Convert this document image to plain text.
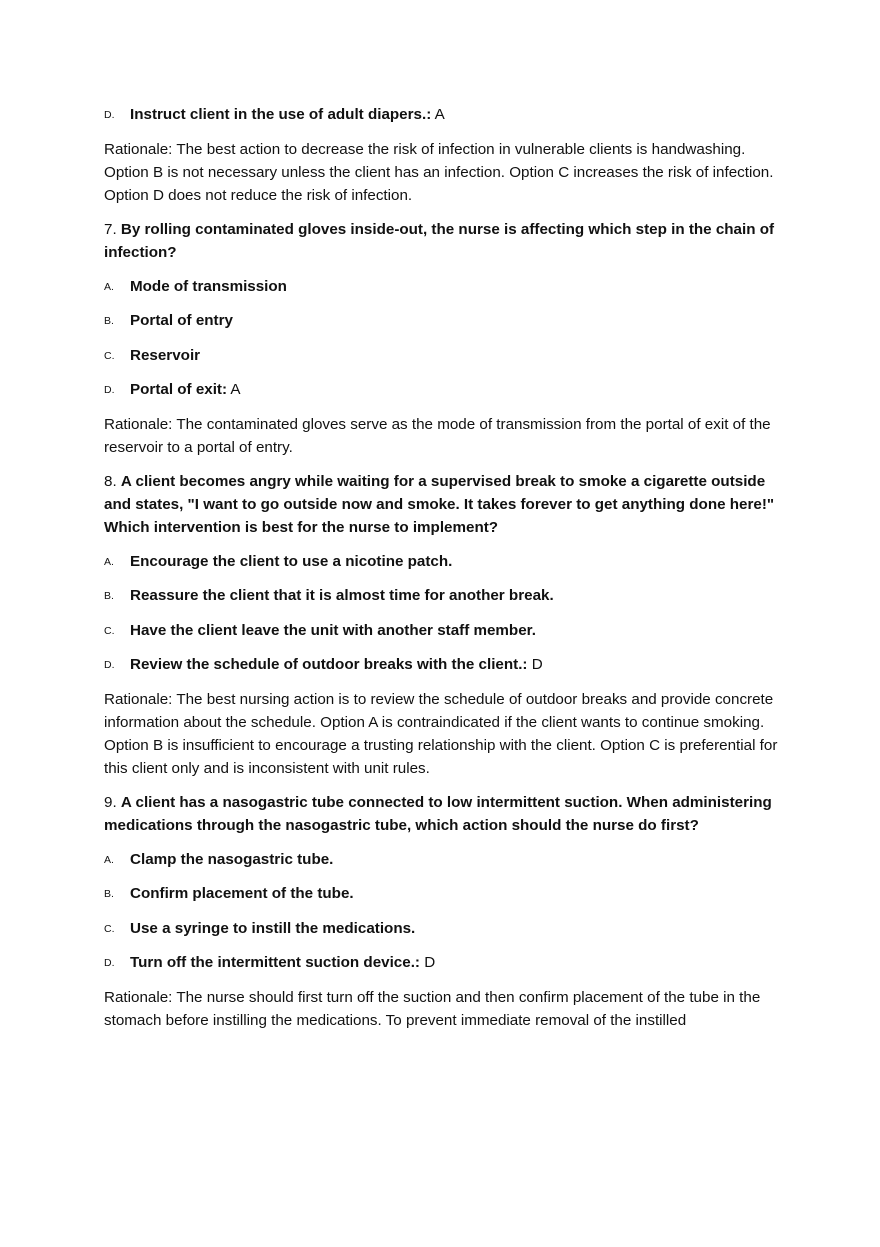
D.	Instruct client in the use of adult diapers.: A
Rationale: The best action to decrease the risk of infection in vulnerable clients is handwashing. Option B is not necessary unless the client has an infection. Option C increases the risk of infection. Option D does not reduce the risk of infection.
7. By rolling contaminated gloves inside-out, the nurse is affecting which step in the chain of infection?
A.	Mode of transmission
B.	Portal of entry
C.	Reservoir
D.	Portal of exit: A
Rationale: The contaminated gloves serve as the mode of transmission from the portal of exit of the reservoir to a portal of entry.
8. A client becomes angry while waiting for a supervised break to smoke a cigarette outside and states, "I want to go outside now and smoke. It takes forever to get anything done here!" Which intervention is best for the nurse to implement?
A.	Encourage the client to use a nicotine patch.
B.	Reassure the client that it is almost time for another break.
C.	Have the client leave the unit with another staff member.
D.	Review the schedule of outdoor breaks with the client.: D
Rationale: The best nursing action is to review the schedule of outdoor breaks and provide concrete information about the schedule. Option A is contraindicated if the client wants to continue smoking. Option B is insufficient to encourage a trusting relationship with the client. Option C is preferential for this client only and is inconsistent with unit rules.
9. A client has a nasogastric tube connected to low intermittent suction. When administering medications through the nasogastric tube, which action should the nurse do first?
A.	Clamp the nasogastric tube.
B.	Confirm placement of the tube.
C.	Use a syringe to instill the medications.
D.	Turn off the intermittent suction device.: D
Rationale: The nurse should first turn off the suction and then confirm placement of the tube in the stomach before instilling the medications. To prevent immediate removal of the instilled
